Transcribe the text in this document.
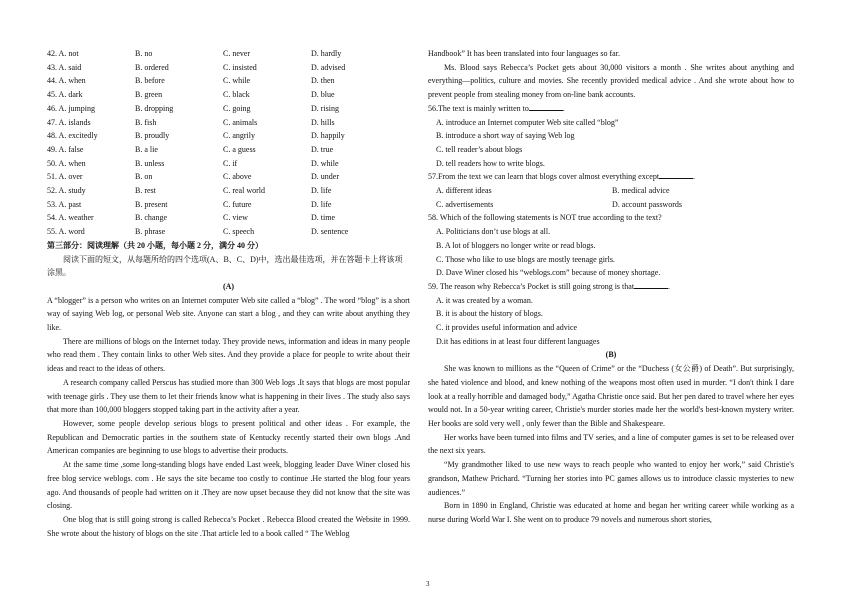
42. A. not	B. no	C. never	D. hardly
43. A. said	B. ordered	C. insisted	D. advised
44. A. when	B. before	C. while	D. then
45. A. dark	B. green	C. black	D. blue
46. A. jumping	B. dropping	C. going	D. rising
47. A. islands	B. fish	C. animals	D. hills
48. A. excitedly	B. proudly	C. angrily	D. happily
49. A. false	B. a lie	C. a guess	D. true
50. A. when	B. unless	C. if	D. while
51. A. over	B. on	C. above	D. under
52. A. study	B. rest	C. real world	D. life
53. A. past	B. present	C. future	D. life
54. A. weather	B. change	C. view	D. time
55. A. word	B. phrase	C. speech	D. sentence
第三部分：阅读理解（共 20 小题，每小题 2 分，满分 40 分）
阅读下面的短文，从每题所给的四个选项(A、B、C、D)中，选出最佳选项，并在答题卡上将该项涂黑。
(A)
A “blogger” is a person who writes on an Internet computer Web site called a “blog” . The word “blog” is a short way of saying Web log, or personal Web site. Anyone can start a blog , and they can write about anything they like.
There are millions of blogs on the Internet today. They provide news, information and ideas in many people who read them . They contain links to other Web sites. And they provide a place for people to write about their ideas and react to the ideas of others.
A research company called Perscus has studied more than 300 Web logs .It says that blogs are most popular with teenage girls . They use them to let their friends know what is happening in their lives . The study also says that more than 100,000 bloggers stopped taking part in the activity after a year.
However, some people develop serious blogs to present political and other ideas . For example, the Republican and Democratic parties in the southern state of Kentucky recently started their own blogs .And American companies are beginning to use blogs to advertise their products.
At the same time ,some long-standing blogs have ended Last week, blogging leader Dave Winer closed his free blog service weblogs. com . He says the site became too costly to continue .He started the blog four years ago. And thousands of people had written on it .They are now upset because they did not know that the site was closing.
One blog that is still going strong is called Rebecca’s Pocket . Rebecca Blood created the Website in 1999. She wrote about the history of blogs on the site .That article led to a book called “ The Weblog
Handbook” It has been translated into four languages so far.
Ms. Blood says Rebecca’s Pocket gets about 30,000 visitors a month . She writes about anything and everything—politics, culture and movies. She recently provided medical advice . And she wrote about how to prevent people from stealing money from on-line bank accounts.
56.The text is mainly written to	.
A. introduce an Internet computer Web site called “blog”
B. introduce a short way of saying Web log
C. tell reader’s about blogs
D. tell readers how to write blogs.
57.From the text we can learn that blogs cover almost everything except	.
A. different ideas	B. medical advice
C. advertisements	D. account passwords
58. Which of the following statements is NOT true according to the text?
A. Politicians don’t use blogs at all.
B. A lot of bloggers no longer write or read blogs.
C. Those who like to use blogs are mostly teenage girls.
D. Dave Winer closed his “weblogs.com” because of money shortage.
59. The reason why Rebecca’s Pocket is still going strong is that	.
A. it was created by a woman.
B. it is about the history of blogs.
C. it provides useful information and advice
D.it has editions in at least four different languages
(B)
She was known to millions as the “Queen of Crime” or the “Duchess (女公爵) of Death”. But surprisingly, she hated violence and blood, and knew nothing of the weapons most often used in murder. “I don't think I dare look at a really horrible and damaged body,” Agatha Christie once said. But her pen dared to travel where her eyes would not. In a 50-year writing career, Christie's murder stories made her the world's best-known mystery writer. Her books are sold very well , only fewer than the Bible and Shakespeare.
Her works have been turned into films and TV series, and a line of computer games is set to be released over the next six years.
“My grandmother liked to use new ways to reach people who wanted to enjoy her work,” said Christie's grandson, Mathew Prichard. “Turning her stories into PC games allows us to introduce classic mysteries to new audiences.”
Born in 1890 in England, Christie was educated at home and began her writing career while working as a nurse during World War I. She went on to produce 79 novels and numerous short stories,
3
